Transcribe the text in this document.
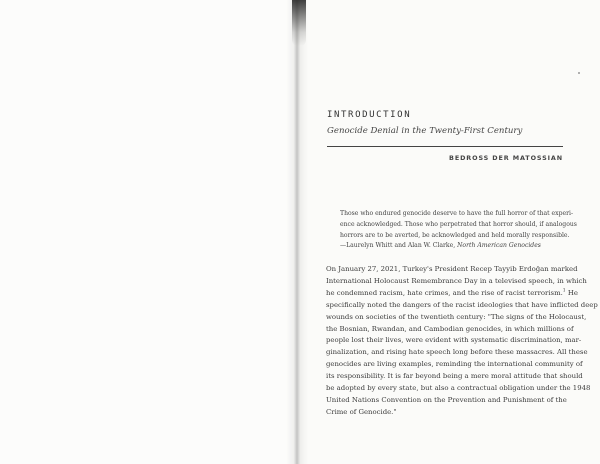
INTRODUCTION
Genocide Denial in the Twenty-First Century
BEDROSS DER MATOSSIAN
Those who endured genocide deserve to have the full horror of that experi-
ence acknowledged. Those who perpetrated that horror should, if analogous
horrors are to be averted, be acknowledged and held morally responsible.
—Laurelyn Whitt and Alan W. Clarke, North American Genocides
On January 27, 2021, Turkey's President Recep Tayyib Erdoğan marked
International Holocaust Remembrance Day in a televised speech, in which
he condemned racism, hate crimes, and the rise of racist terrorism.$^1$ He
specifically noted the dangers of the racist ideologies that have inflicted deep
wounds on societies of the twentieth century: "The signs of the Holocaust,
the Bosnian, Rwandan, and Cambodian genocides, in which millions of
people lost their lives, were evident with systematic discrimination, mar-
ginalization, and rising hate speech long before these massacres. All these
genocides are living examples, reminding the international community of
its responsibility. It is far beyond being a mere moral attitude that should
be adopted by every state, but also a contractual obligation under the 1948
United Nations Convention on the Prevention and Punishment of the
Crime of Genocide."
